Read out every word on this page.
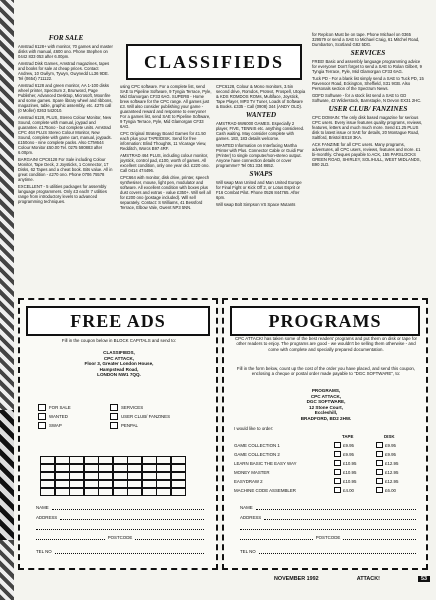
FOR SALE

Amstrad 6128+ with monitor, 70 games and master disks with manual, £600 ono. Phone Stephen on 0442 833 053 after 6.00pm.

Amstrad Disk Games, Amstrad magazines, tapes and books for sale at cheap prices. Contact Andrew, 10 Gwilym, Tywyn, Gwynedd LL36 9DE. Tel (0654) 711122.

Amstrad 6128 and green monitor, AA 1-100 disks wheel printer, Spectrum 2, Brunword, Page Publisher, Advanced Desktop, Microsoft, Moonfire and some games. Spare library wheel and ribbons, magazines, table, graphic assembly, etc. £275 call (0 Moller) 0263 542010.

Amstrad 6128, PLUS, Stereo Colour Monitor, New Sound, complete with manual, joypad and guarantee. £175ono - but complete units. Amstrad CPC 464 PLUS Stereo Colour Monitor, New Sound, complete with game cart, manual, joypads. £150ono - nine complete packs. Also CTM644 Colour Monitor £50.00 Tel. 0275 580883 after 6.00pm.

BARGAIN! CPC6128 For Sale including Colour Monitor, Tape Deck, 2 Joysticks, 1 Connector, 17 Disks, 62 Tapes and a cheat book. Bits value. All in great condition - £270 ono. Phone 0706 75578 anytime.

EXCELLENT - 5 utilities packages for assembly language programmers. Only £3 each! 7 utilities range from introductory levels to advanced programming techniques.

CLASSIFIEDS

using CPC software. For a complete list, send SAE to Pipeline Software, 9 Tyngia Terrace, Pyle, Mid Glamorgan CF33 6AG. SUPERB - Home brew software for the CPC range. All games just £3. Will also consider publishing your game - guaranteed reward and response to everyone! For a games list, send SAE to Pipeline Software, 9 Tyngia Terrace, Pyle, Mid Glamorgan CF33 6AG.

CPC Original Strategy Board Games for £1.50 each plus your TAPE/DISK. Send for free information: Blind Thoughts, 11 Vicarage View, Redditch, Worcs B97 4RF.

AMSTRAD 464 PLUS, including colour monitor, joystick, control pad, £100, worth of games. All excellent condition, only one year old. £220 ono. Call 0414 474496.

CPC664 with monitor, disk drive, printer, speech synthesiser, mouse, light pen, modulator and software. All excellent condition with boxes plus dust covers and extras - value £350+. Will sell all for £200 ono (postage included). Will sell separately. Contact: S Williams, 41 Bessford Terrace, Elbow Vale, Gwent NP3 5NN.

CPC6128, Colour & Mono monitors, 3.5in second drive, Romdos, Protext, Prospell, Utopia & KDS ROMDOS ROMs, Multiface, Joystick, Tape Player, MP3 TV Tuner, Loads of Software & Books. £335 - Call (0908) 344 (ANDY OLD).

WANTED

AMSTRAD 6W6000 GAMES. Especially 2 player, FIVE, TENNIS etc. anything considered. Cash waiting. May consider complete with games. 183, 183 details welcome.

WANTED Information on Interfacing Martha Printer with Plus. Connector Cable or Guidi Par (Printer) to single computer/non-stereo output. Anyone have connection details or cover programme? Tel 051 334 8652.

SWAPS

Will swap Man United and Man United Europe for Final Fight or Kick Off 2, or Lotus Esprit or F16 Combat Pilot. Phone 0526 844765. After 6pm.

Will swap Bolt Simpson VS Space Mutants

for Replcon Must be on tape. Phone Michael on 0365 329579 or send a SAE to Michael Craig, 61 Mitchel Road, Dumbarton, Scotland G82 5DG.

SERVICES

FREE! Basic and assembly language programming advice for everyone! Don't forget to send a SAE to Rolan Gilbert, 9 Tyngia Terrace, Pyle, Mid Glamorgan CF33 6AG.

Tuck PD - For a blank list simply send a SAE to Tuck PD, 15 Ravenoor Road, Eckington, Sheffield, S31 9GB. Also Personals section of the Spectrum News.

GDFD Software - for a stock list send a SAE to GD Software, 43 Wilderstock, Barnstaple, N Devon EX31 2HC.

USER CLUB/ FANZINES

CPC DOMAIN: The only disk based magazine for serious CPC users. Every issue features quality programs, reviews, features, letters and much much more. Send £1.25 PLUS disk to latest issue or SAE for details, 20 Montague Road, Saltford, Bristol BS18 3KA.

ACK FANZINE for all CPC users. Many programs, adventures, all CPC users, reviews, features and more. £1 bi-monthly. Cheques payable to ACK, 155 PARSLOCKS GREEN ROAD, SHIRLEY, SOLIHULL, WEST MIDLANDS, B90 2LD.

FREE ADS
Fill in the coupon below in BLOCK CAPITALS and send to:
CLASSIFIEDS,
CPC ATTACK,
Floor 3, Greater London House,
Hampstead Road,
LONDON NW1 7QQ.
FOR SALE
WANTED
SWAP
SERVICES
USER CLUB/ FANZINES
PENPAL
NAME
ADDRESS
POSTCODE
TEL NO
PROGRAMS
CPC ATTACK! has taken some of the best readers' programs and put them on disk or tape for other readers to enjoy. The programs are good - we wouldn't be selling them otherwise - and come with complete and specially prepared documentation.
Fill in the form below, count up the cost of the order you have placed, and send this coupon, enclosing a cheque or postal order made payable to "DGC SOFTWARE", to:
PROGRAMS,
CPC ATTACK,
DGC SOFTWARE,
12 Stone Court,
Eccleshill,
BRADFORD, BD2 2HW.
I would like to order:
TAPE	DISK
GAME COLLECTION 1	£9.95	£9.95
GAME COLLECTION 2	£9.95	£9.95
LEARN BASIC THE EASY WAY	£10.95	£12.95
MONEY MASTER	£10.95	£12.95
EASYDRAW 2	£10.95	£12.95
MACHINE CODE ASSEMBLER	£4.00	£6.00
NAME
ADDRESS
POSTCODE
TEL NO
NOVEMBER 1992	ATTACK!	53
